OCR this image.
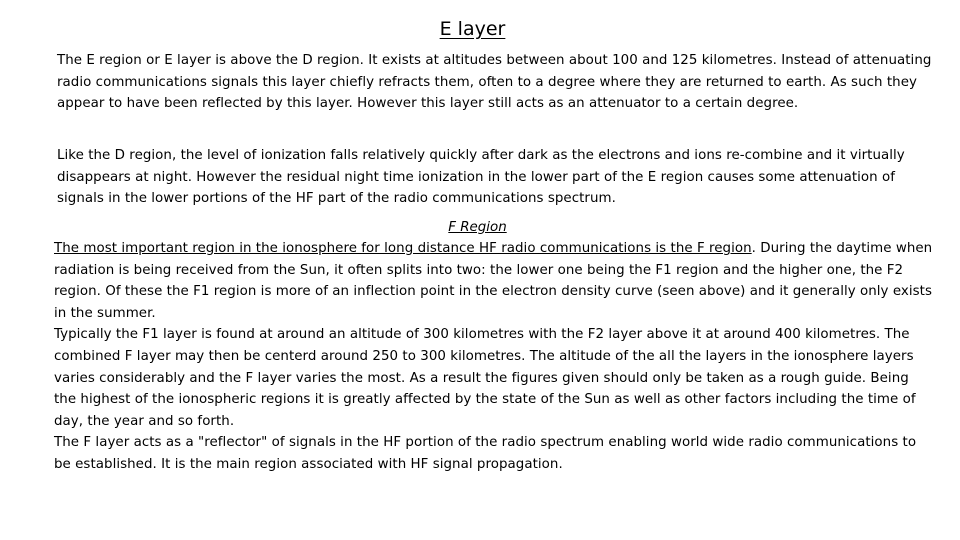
E layer

The E region or E layer is above the D region. It exists at altitudes between about 100 and 125 kilometres. Instead of attenuating radio communications signals this layer chiefly refracts them, often to a degree where they are returned to earth. As such they appear to have been reflected by this layer. However this layer still acts as an attenuator to a certain degree.

Like the D region, the level of ionization falls relatively quickly after dark as the electrons and ions re-combine and it virtually disappears at night. However the residual night time ionization in the lower part of the E region causes some attenuation of signals in the lower portions of the HF part of the radio communications spectrum.

F Region

The most important region in the ionosphere for long distance HF radio communications is the F region. During the daytime when radiation is being received from the Sun, it often splits into two: the lower one being the F1 region and the higher one, the F2 region. Of these the F1 region is more of an inflection point in the electron density curve (seen above) and it generally only exists in the summer.

Typically the F1 layer is found at around an altitude of 300 kilometres with the F2 layer above it at around 400 kilometres. The combined F layer may then be centerd around 250 to 300 kilometres. The altitude of the all the layers in the ionosphere layers varies considerably and the F layer varies the most. As a result the figures given should only be taken as a rough guide. Being the highest of the ionospheric regions it is greatly affected by the state of the Sun as well as other factors including the time of day, the year and so forth.

The F layer acts as a "reflector" of signals in the HF portion of the radio spectrum enabling world wide radio communications to be established. It is the main region associated with HF signal propagation.
